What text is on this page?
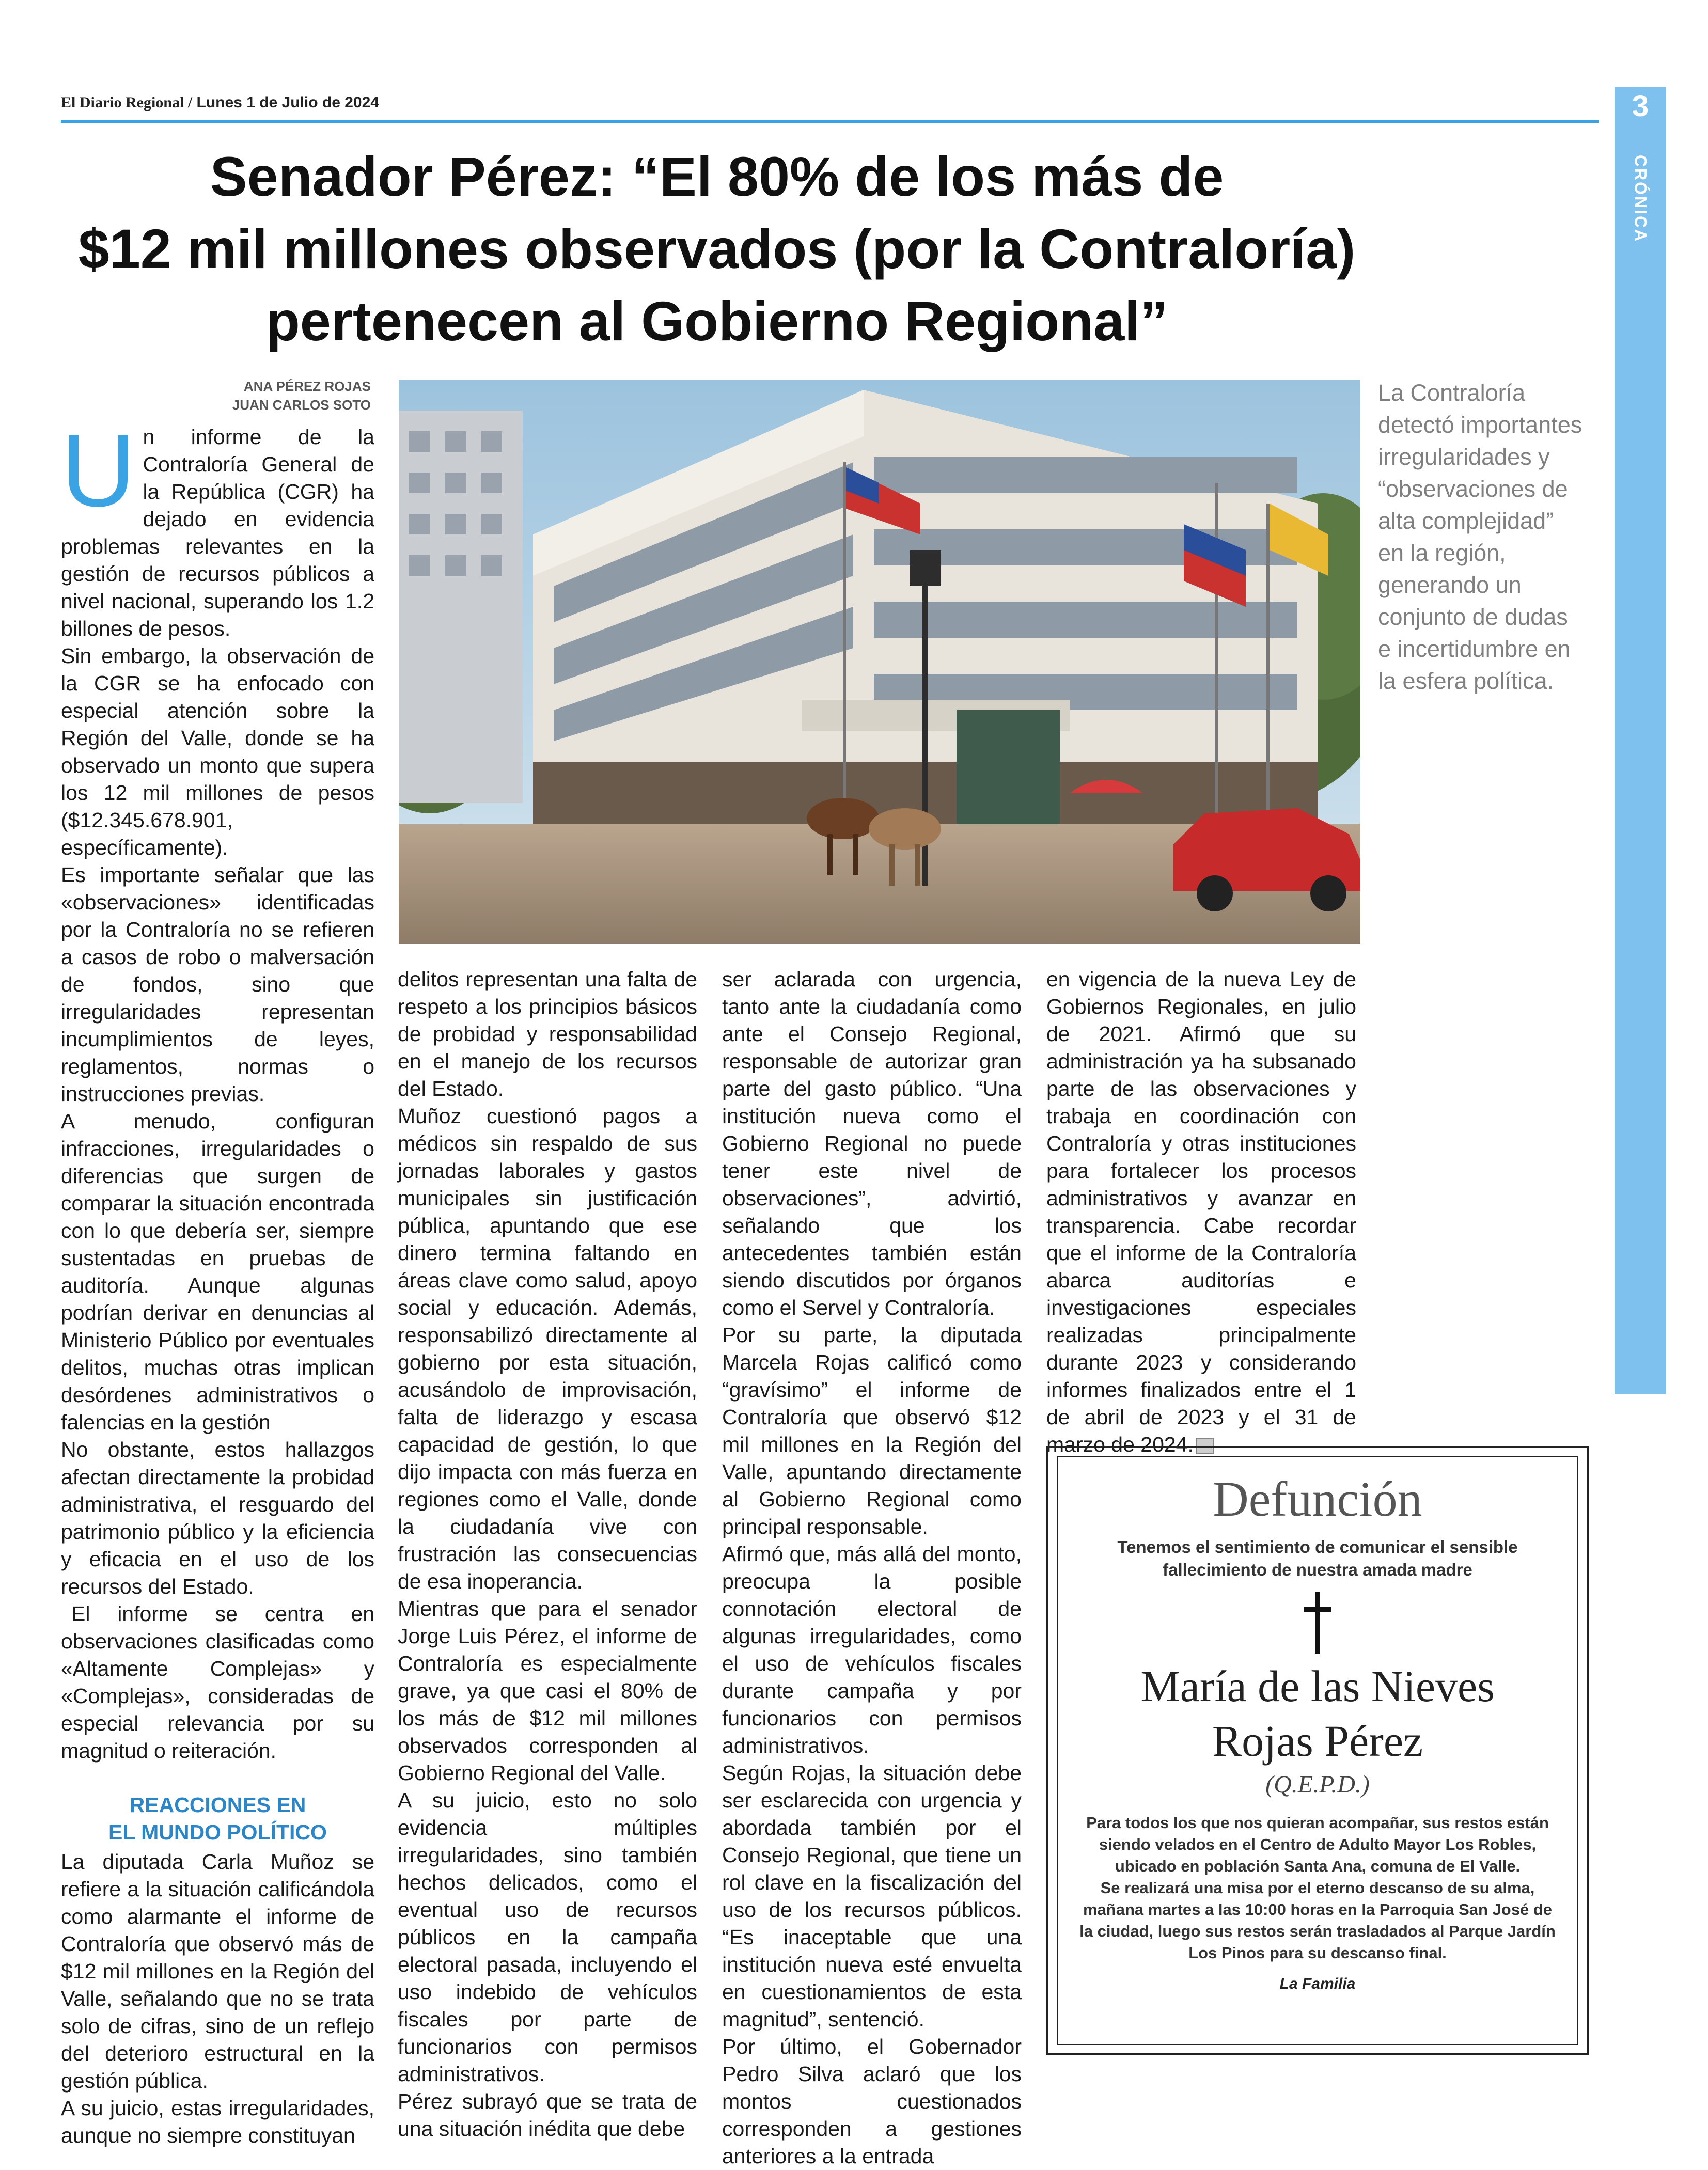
El Diario Regional / Lunes 1 de Julio de 2024	3
CRÓNICA
Senador Pérez: “El 80% de los más de
$12 mil millones observados (por la Contraloría)
pertenecen al Gobierno Regional”
ANA PÉREZ ROJAS
JUAN CARLOS SOTO

Un informe de la Contraloría General de la República (CGR) ha dejado en evidencia problemas relevantes en la gestión de recursos públicos a nivel nacional, superando los 1.2 billones de pesos.

Sin embargo, la observación de la CGR se ha enfocado con especial atención sobre la Región del Valle, donde se ha observado un monto que supera los 12 mil millones de pesos ($12.345.678.901, específicamente).

Es importante señalar que las «observaciones» identificadas por la Contraloría no se refieren a casos de robo o malversación de fondos, sino que irregularidades representan incumplimientos de leyes, reglamentos, normas o instrucciones previas.

A menudo, configuran infracciones, irregularidades o diferencias que surgen de comparar la situación encontrada con lo que debería ser, siempre sustentadas en pruebas de auditoría. Aunque algunas podrían derivar en denuncias al Ministerio Público por eventuales delitos, muchas otras implican desórdenes administrativos o falencias en la gestión

No obstante, estos hallazgos afectan directamente la probidad administrativa, el resguardo del patrimonio público y la eficiencia y eficacia en el uso de los recursos del Estado.

El informe se centra en observaciones clasificadas como «Altamente Complejas» y «Complejas», consideradas de especial relevancia por su magnitud o reiteración.

REACCIONES EN
EL MUNDO POLÍTICO

La diputada Carla Muñoz se refiere a la situación calificándola como alarmante el informe de Contraloría que observó más de $12 mil millones en la Región del Valle, señalando que no se trata solo de cifras, sino de un reflejo del deterioro estructural en la gestión pública.

A su juicio, estas irregularidades, aunque no siempre constituyan

La Contraloría detectó importantes irregularidades y “observaciones de alta complejidad” en la región, generando un conjunto de dudas e incertidumbre en la esfera política.

delitos representan una falta de respeto a los principios básicos de probidad y responsabilidad en el manejo de los recursos del Estado.

Muñoz cuestionó pagos a médicos sin respaldo de sus jornadas laborales y gastos municipales sin justificación pública, apuntando que ese dinero termina faltando en áreas clave como salud, apoyo social y educación. Además, responsabilizó directamente al gobierno por esta situación, acusándolo de improvisación, falta de liderazgo y escasa capacidad de gestión, lo que dijo impacta con más fuerza en regiones como el Valle, donde la ciudadanía vive con frustración las consecuencias de esa inoperancia.

Mientras que para el senador Jorge Luis Pérez, el informe de Contraloría es especialmente grave, ya que casi el 80% de los más de $12 mil millones observados corresponden al Gobierno Regional del Valle.

A su juicio, esto no solo evidencia múltiples irregularidades, sino también hechos delicados, como el eventual uso de recursos públicos en la campaña electoral pasada, incluyendo el uso indebido de vehículos fiscales por parte de funcionarios con permisos administrativos.

Pérez subrayó que se trata de una situación inédita que debe

ser aclarada con urgencia, tanto ante la ciudadanía como ante el Consejo Regional, responsable de autorizar gran parte del gasto público. “Una institución nueva como el Gobierno Regional no puede tener este nivel de observaciones”, advirtió, señalando que los antecedentes también están siendo discutidos por órganos como el Servel y Contraloría.

Por su parte, la diputada Marcela Rojas calificó como “gravísimo” el informe de Contraloría que observó $12 mil millones en la Región del Valle, apuntando directamente al Gobierno Regional como principal responsable.

Afirmó que, más allá del monto, preocupa la posible connotación electoral de algunas irregularidades, como el uso de vehículos fiscales durante campaña y por funcionarios con permisos administrativos.

Según Rojas, la situación debe ser esclarecida con urgencia y abordada también por el Consejo Regional, que tiene un rol clave en la fiscalización del uso de los recursos públicos. “Es inaceptable que una institución nueva esté envuelta en cuestionamientos de esta magnitud”, sentenció.

Por último, el Gobernador Pedro Silva aclaró que los montos cuestionados corresponden a gestiones anteriores a la entrada

en vigencia de la nueva Ley de Gobiernos Regionales, en julio de 2021. Afirmó que su administración ya ha subsanado parte de las observaciones y trabaja en coordinación con Contraloría y otras instituciones para fortalecer los procesos administrativos y avanzar en transparencia. Cabe recordar que el informe de la Contraloría abarca auditorías e investigaciones especiales realizadas principalmente durante 2023 y considerando informes finalizados entre el 1 de abril de 2023 y el 31 de marzo de 2024.

Defunción
Tenemos el sentimiento de comunicar el sensible
fallecimiento de nuestra amada madre
María de las Nieves
Rojas Pérez
(Q.E.P.D.)
Para todos los que nos quieran acompañar, sus restos están siendo velados en el Centro de Adulto Mayor Los Robles, ubicado en población Santa Ana, comuna de El Valle.
Se realizará una misa por el eterno descanso de su alma, mañana martes a las 10:00 horas en la Parroquia San José de la ciudad, luego sus restos serán trasladados al Parque Jardín Los Pinos para su descanso final.
La Familia
